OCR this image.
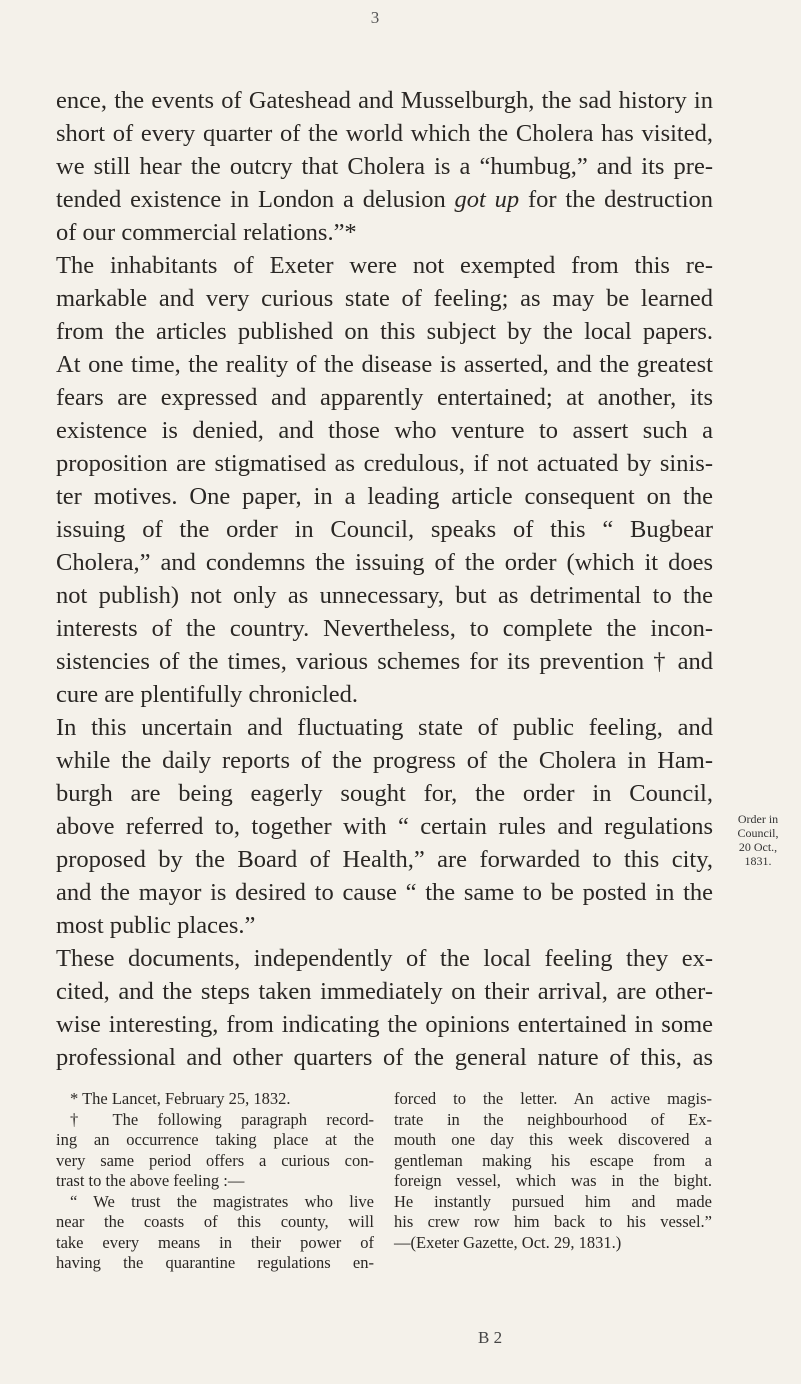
3
ence, the events of Gateshead and Musselburgh, the sad history in
short of every quarter of the world which the Cholera has visited,
we still hear the outcry that Cholera is a “humbug,” and its pre-
tended existence in London a delusion got up for the destruction
of our commercial relations.”*
The inhabitants of Exeter were not exempted from this re-
markable and very curious state of feeling; as may be learned
from the articles published on this subject by the local papers.
At one time, the reality of the disease is asserted, and the greatest
fears are expressed and apparently entertained; at another, its
existence is denied, and those who venture to assert such a
proposition are stigmatised as credulous, if not actuated by sinis-
ter motives. One paper, in a leading article consequent on the
issuing of the order in Council, speaks of this “ Bugbear
Cholera,” and condemns the issuing of the order (which it does
not publish) not only as unnecessary, but as detrimental to the
interests of the country. Nevertheless, to complete the incon-
sistencies of the times, various schemes for its prevention † and
cure are plentifully chronicled.
In this uncertain and fluctuating state of public feeling, and
while the daily reports of the progress of the Cholera in Ham-
burgh are being eagerly sought for, the order in Council,
above referred to, together with “ certain rules and regulations
proposed by the Board of Health,” are forwarded to this city,
and the mayor is desired to cause “ the same to be posted in the
most public places.”
These documents, independently of the local feeling they ex-
cited, and the steps taken immediately on their arrival, are other-
wise interesting, from indicating the opinions entertained in some
professional and other quarters of the general nature of this, as
Order in
Council,
20 Oct.,
1831.
* The Lancet, February 25, 1832.
† The following paragraph record-
ing an occurrence taking place at the
very same period offers a curious con-
trast to the above feeling :—
“ We trust the magistrates who live
near the coasts of this county, will
take every means in their power of
having the quarantine regulations en-
forced to the letter. An active magis-
trate in the neighbourhood of Ex-
mouth one day this week discovered a
gentleman making his escape from a
foreign vessel, which was in the bight.
He instantly pursued him and made
his crew row him back to his vessel.”
—(Exeter Gazette, Oct. 29, 1831.)
B 2
